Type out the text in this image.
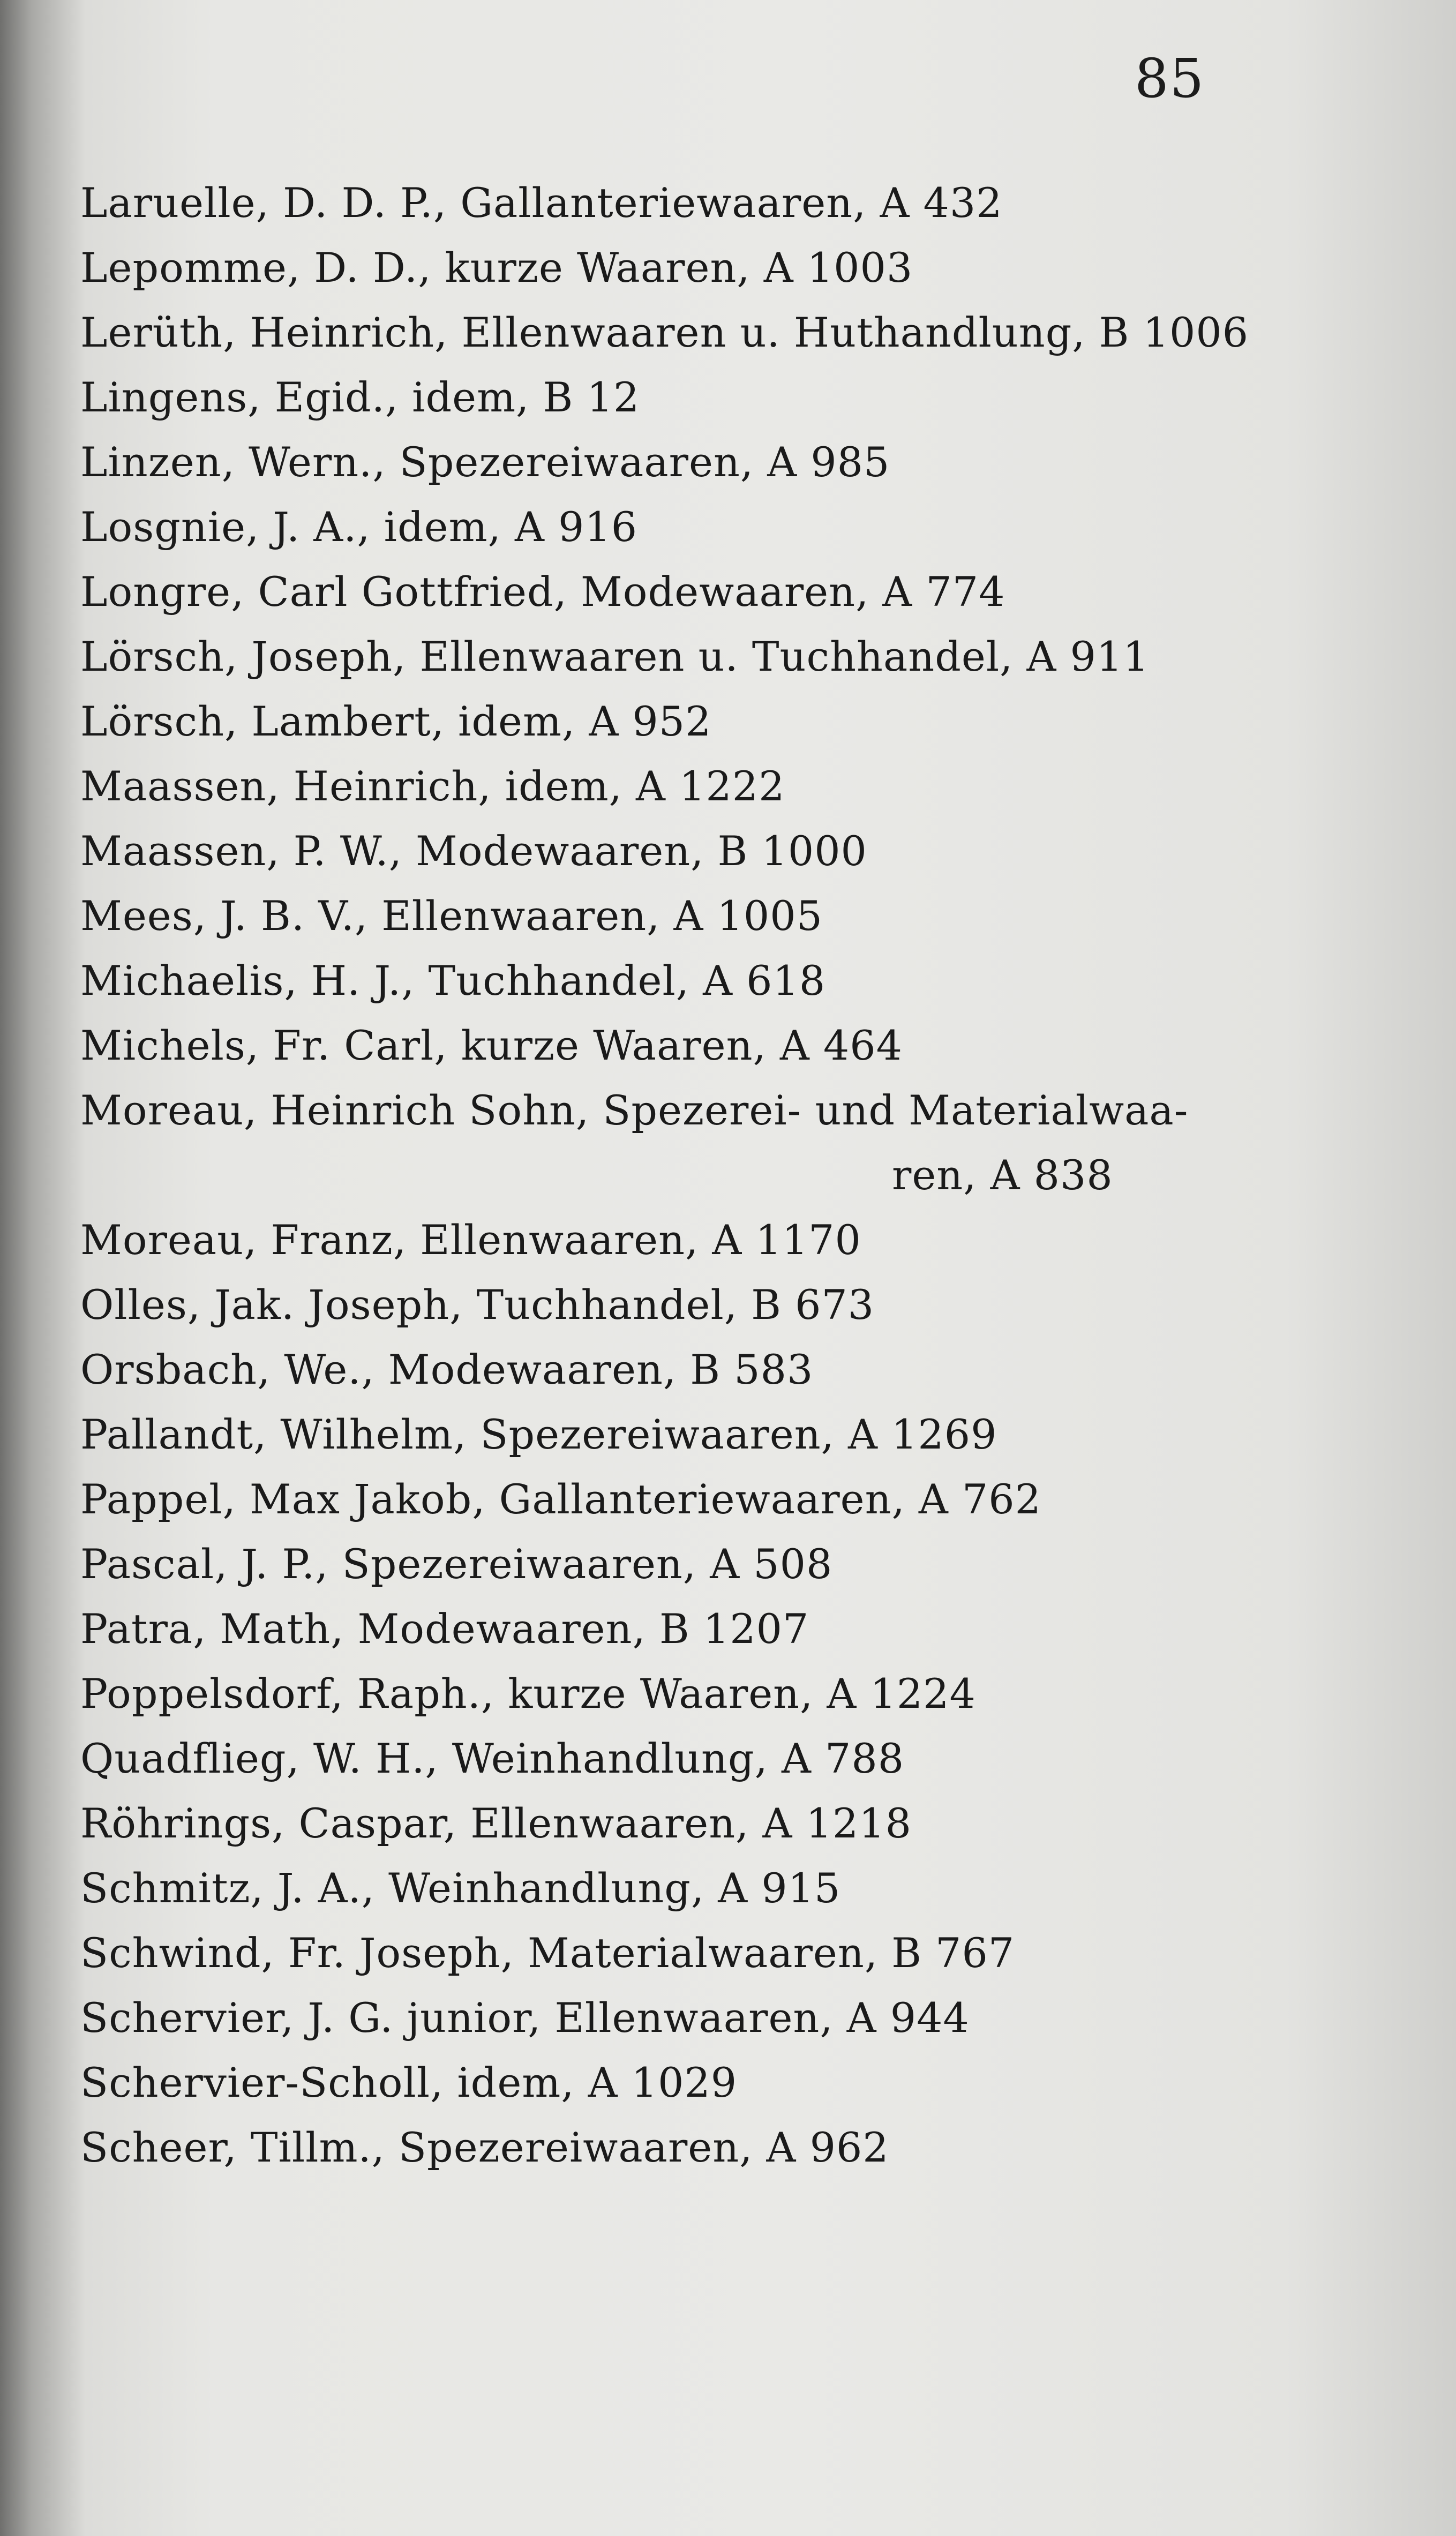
85
Laruelle, D. D. P., Gallanteriewaaren, A 432
Lepomme, D. D., kurze Waaren, A 1003
Lerüth, Heinrich, Ellenwaaren u. Huthandlung, B 1006
Lingens, Egid., idem, B 12
Linzen, Wern., Spezereiwaaren, A 985
Losgnie, J. A., idem, A 916
Longre, Carl Gottfried, Modewaaren, A 774
Lörsch, Joseph, Ellenwaaren u. Tuchhandel, A 911
Lörsch, Lambert, idem, A 952
Maassen, Heinrich, idem, A 1222
Maassen, P. W., Modewaaren, B 1000
Mees, J. B. V., Ellenwaaren, A 1005
Michaelis, H. J., Tuchhandel, A 618
Michels, Fr. Carl, kurze Waaren, A 464
Moreau, Heinrich Sohn, Spezerei- und Materialwaa-
ren, A 838
Moreau, Franz, Ellenwaaren, A 1170
Olles, Jak. Joseph, Tuchhandel, B 673
Orsbach, We., Modewaaren, B 583
Pallandt, Wilhelm, Spezereiwaaren, A 1269
Pappel, Max Jakob, Gallanteriewaaren, A 762
Pascal, J. P., Spezereiwaaren, A 508
Patra, Math, Modewaaren, B 1207
Poppelsdorf, Raph., kurze Waaren, A 1224
Quadflieg, W. H., Weinhandlung, A 788
Röhrings, Caspar, Ellenwaaren, A 1218
Schmitz, J. A., Weinhandlung, A 915
Schwind, Fr. Joseph, Materialwaaren, B 767
Schervier, J. G. junior, Ellenwaaren, A 944
Schervier-Scholl, idem, A 1029
Scheer, Tillm., Spezereiwaaren, A 962
